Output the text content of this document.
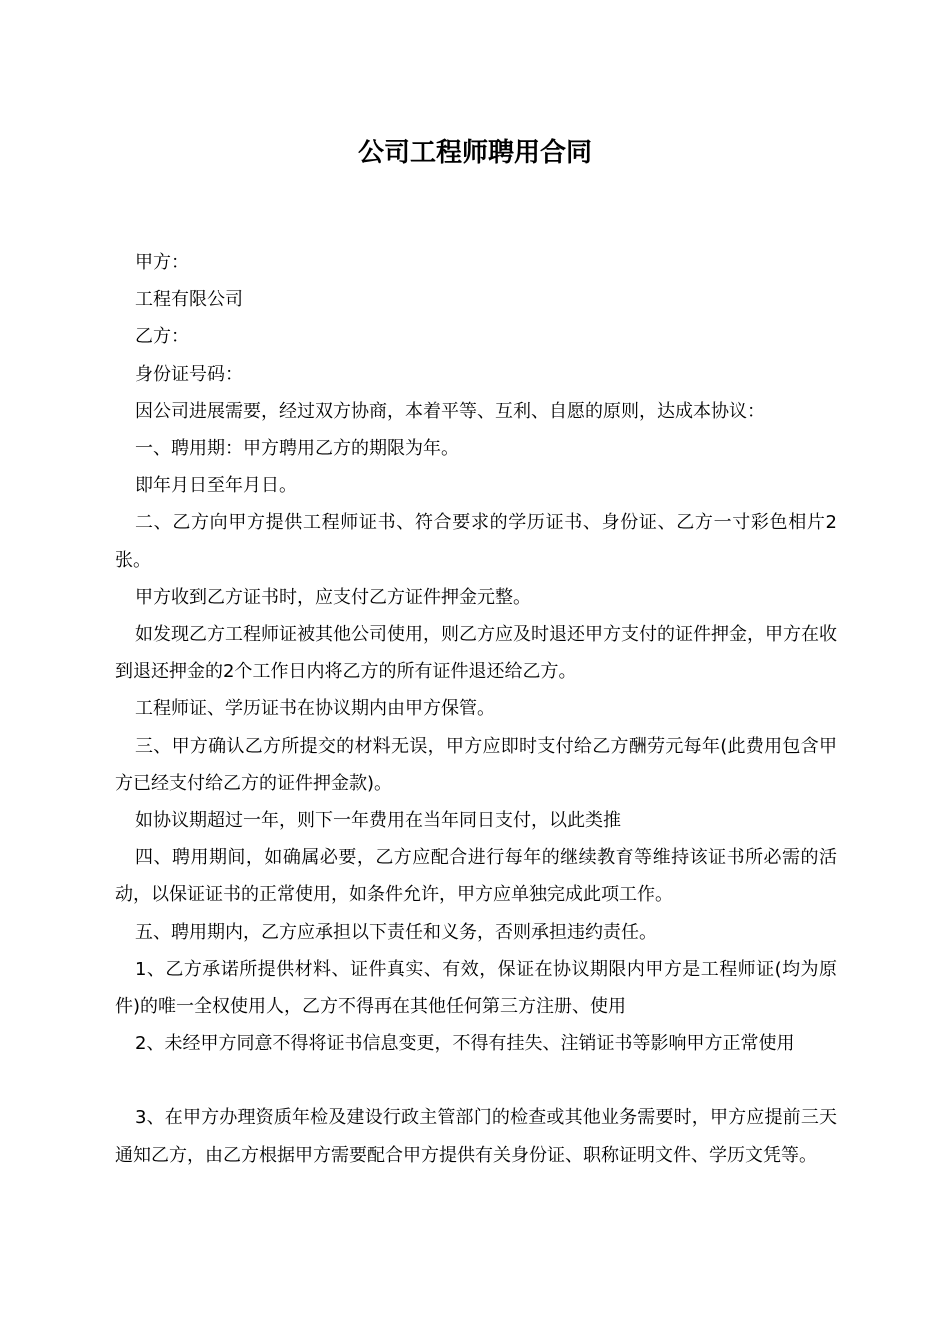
公司工程师聘用合同

甲方：

工程有限公司

乙方：

身份证号码：

因公司进展需要，经过双方协商，本着平等、互利、自愿的原则，达成本协议：

一、聘用期：甲方聘用乙方的期限为年。

即年月日至年月日。

二、乙方向甲方提供工程师证书、符合要求的学历证书、身份证、乙方一寸彩色相片2张。

甲方收到乙方证书时，应支付乙方证件押金元整。

如发现乙方工程师证被其他公司使用，则乙方应及时退还甲方支付的证件押金，甲方在收到退还押金的2个工作日内将乙方的所有证件退还给乙方。

工程师证、学历证书在协议期内由甲方保管。

三、甲方确认乙方所提交的材料无误，甲方应即时支付给乙方酬劳元每年(此费用包含甲方已经支付给乙方的证件押金款)。

如协议期超过一年，则下一年费用在当年同日支付，以此类推

四、聘用期间，如确属必要，乙方应配合进行每年的继续教育等维持该证书所必需的活动，以保证证书的正常使用，如条件允许，甲方应单独完成此项工作。

五、聘用期内，乙方应承担以下责任和义务，否则承担违约责任。

1、乙方承诺所提供材料、证件真实、有效，保证在协议期限内甲方是工程师证(均为原件)的唯一全权使用人，乙方不得再在其他任何第三方注册、使用

2、未经甲方同意不得将证书信息变更，不得有挂失、注销证书等影响甲方正常使用

3、在甲方办理资质年检及建设行政主管部门的检查或其他业务需要时，甲方应提前三天通知乙方，由乙方根据甲方需要配合甲方提供有关身份证、职称证明文件、学历文凭等。
